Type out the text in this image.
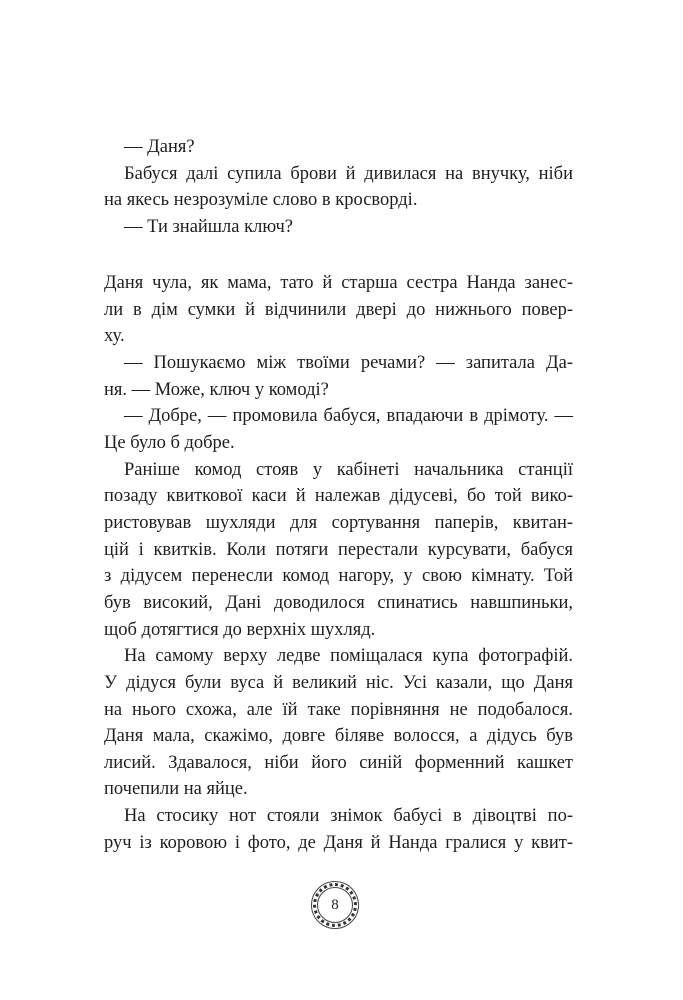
— Даня?
Бабуся далі супила брови й дивилася на внучку, ніби
на якесь незрозуміле слово в кросворді.
— Ти знайшла ключ?
Даня чула, як мама, тато й старша сестра Нанда занес-
ли в дім сумки й відчинили двері до нижнього повер-
ху.
— Пошукаємо між твоїми речами? — запитала Да-
ня. — Може, ключ у комоді?
— Добре, — промовила бабуся, впадаючи в дрімоту. —
Це було б добре.
Раніше комод стояв у кабінеті начальника станції
позаду квиткової каси й належав дідусеві, бо той вико-
ристовував шухляди для сортування паперів, квитан-
цій і квитків. Коли потяги перестали курсувати, бабуся
з дідусем перенесли комод нагору, у свою кімнату. Той
був високий, Дані доводилося спинатись навшпиньки,
щоб дотягтися до верхніх шухляд.
На самому верху ледве поміщалася купа фотографій.
У дідуся були вуса й великий ніс. Усі казали, що Даня
на нього схожа, але їй таке порівняння не подобалося.
Даня мала, скажімо, довге біляве волосся, а дідусь був
лисий. Здавалося, ніби його синій форменний кашкет
почепили на яйце.
На стосику нот стояли знімок бабусі в дівоцтві по-
руч із коровою і фото, де Даня й Нанда гралися у квит-
8
